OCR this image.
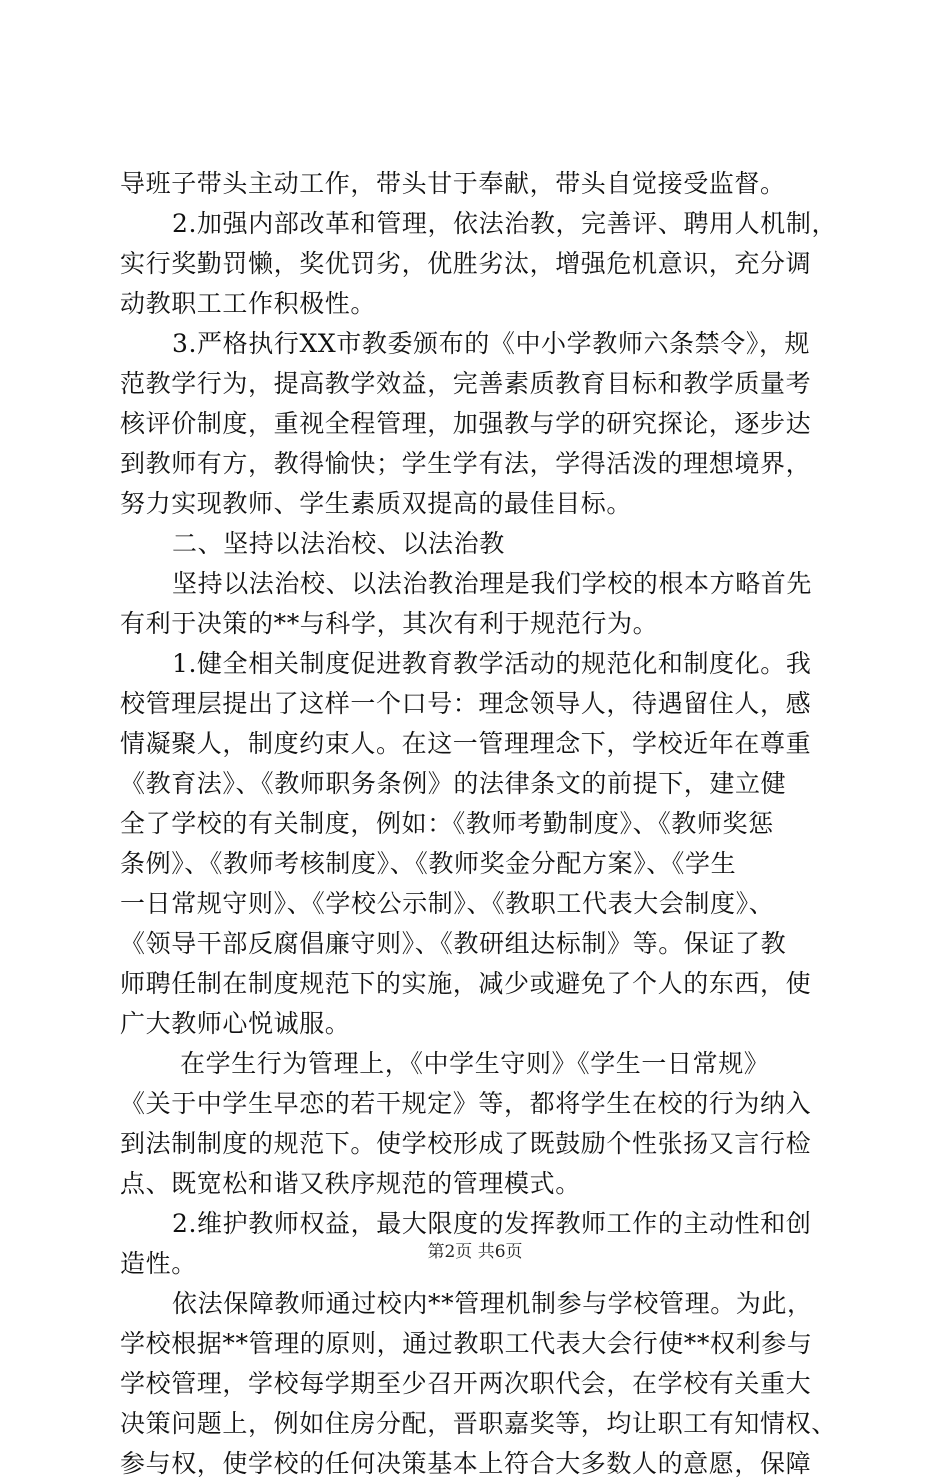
导班子带头主动工作，带头甘于奉献，带头自觉接受监督。
2.加强内部改革和管理，依法治教，完善评、聘用人机制，
实行奖勤罚懒，奖优罚劣，优胜劣汰，增强危机意识，充分调
动教职工工作积极性。
3.严格执行XX市教委颁布的《中小学教师六条禁令》，规
范教学行为，提高教学效益，完善素质教育目标和教学质量考
核评价制度，重视全程管理，加强教与学的研究探论，逐步达
到教师有方，教得愉快；学生学有法，学得活泼的理想境界，
努力实现教师、学生素质双提高的最佳目标。
二、坚持以法治校、以法治教
坚持以法治校、以法治教治理是我们学校的根本方略首先
有利于决策的**与科学，其次有利于规范行为。
1.健全相关制度促进教育教学活动的规范化和制度化。我
校管理层提出了这样一个口号：理念领导人，待遇留住人，感
情凝聚人，制度约束人。在这一管理理念下，学校近年在尊重
《教育法》、《教师职务条例》的法律条文的前提下，建立健
全了学校的有关制度，例如：《教师考勤制度》、《教师奖惩
条例》、《教师考核制度》、《教师奖金分配方案》、《学生
一日常规守则》、《学校公示制》、《教职工代表大会制度》、
《领导干部反腐倡廉守则》、《教研组达标制》等。保证了教
师聘任制在制度规范下的实施，减少或避免了个人的东西，使
广大教师心悦诚服。
在学生行为管理上，《中学生守则》《学生一日常规》
《关于中学生早恋的若干规定》等，都将学生在校的行为纳入
到法制制度的规范下。使学校形成了既鼓励个性张扬又言行检
点、既宽松和谐又秩序规范的管理模式。
2.维护教师权益，最大限度的发挥教师工作的主动性和创
造性。
依法保障教师通过校内**管理机制参与学校管理。为此，
学校根据**管理的原则，通过教职工代表大会行使**权利参与
学校管理，学校每学期至少召开两次职代会，在学校有关重大
决策问题上，例如住房分配，晋职嘉奖等，均让职工有知情权、
参与权，使学校的任何决策基本上符合大多数人的意愿，保障
第2页 共6页
